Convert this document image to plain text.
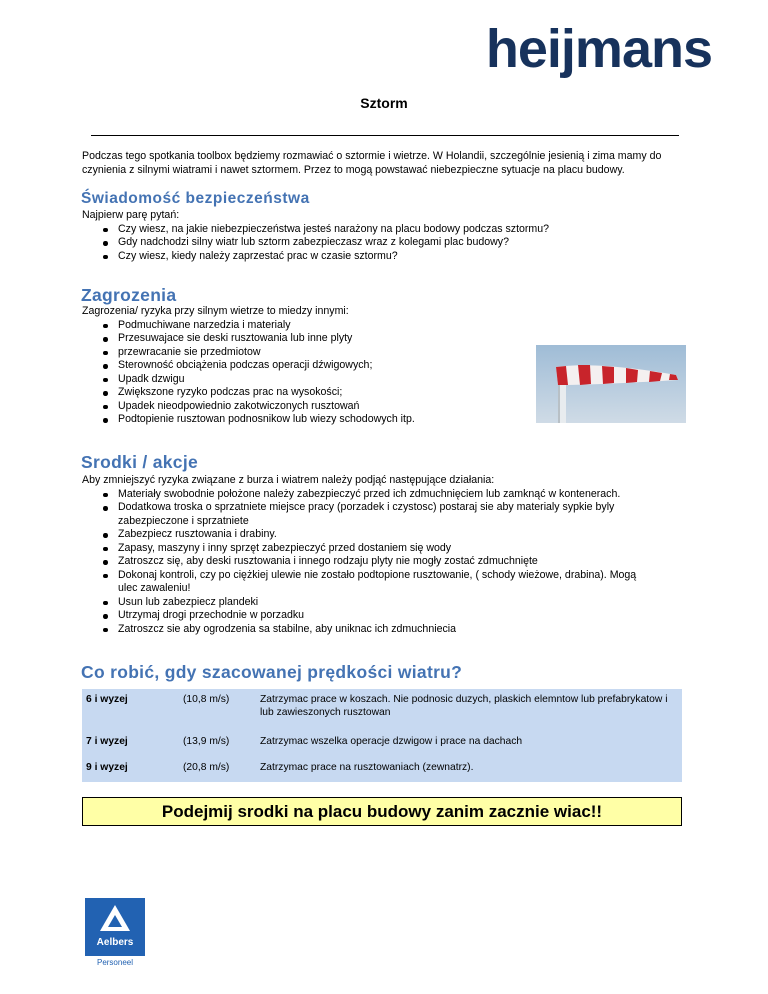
heijmans
Sztorm
Podczas tego spotkania toolbox będziemy rozmawiać o sztormie i wietrze. W Holandii, szczególnie jesienią i zima mamy do czynienia z silnymi wiatrami i nawet sztormem. Przez to mogą powstawać niebezpieczne sytuacje na placu budowy.
Świadomość bezpieczeństwa
Najpierw parę pytań:
Czy wiesz, na jakie niebezpieczeństwa jesteś narażony na placu bodowy podczas sztormu?
Gdy nadchodzi silny wiatr lub sztorm zabezpieczasz wraz z kolegami plac budowy?
Czy wiesz, kiedy należy zaprzestać prac w czasie sztormu?
Zagrozenia
Zagrozenia/ ryzyka przy silnym wietrze to miedzy innymi:
Podmuchiwane narzedzia i materialy
Przesuwajace sie deski rusztowania lub inne plyty
przewracanie sie przedmiotow
Sterowność obciążenia podczas operacji dźwigowych;
Upadk dzwigu
Zwiększone ryzyko podczas prac na wysokości;
Upadek nieodpowiednio zakotwiczonych rusztowań
Podtopienie rusztowan podnosnikow lub wiezy schodowych itp.
Srodki / akcje
Aby zmniejszyć ryzyka związane z burza i wiatrem należy podjąć następujące działania:
Materiały swobodnie położone należy zabezpieczyć przed ich zdmuchnięciem lub zamknąć w kontenerach.
Dodatkowa troska o sprzatniete miejsce pracy (porzadek i czystosc) postaraj sie aby materialy sypkie byly zabezpieczone i sprzatniete
Zabezpiecz rusztowania i drabiny.
Zapasy, maszyny i inny sprzęt zabezpieczyć przed dostaniem się wody
Zatroszcz się, aby deski rusztowania i innego rodzaju plyty nie mogły zostać zdmuchnięte
Dokonaj kontroli, czy po ciężkiej ulewie nie zostało podtopione rusztowanie, ( schody wieżowe, drabina). Mogą ulec zawaleniu!
Usun lub zabezpiecz plandeki
Utrzymaj drogi przechodnie w porzadku
Zatroszcz sie aby ogrodzenia sa stabilne, aby uniknac ich zdmuchniecia
Co robić, gdy szacowanej prędkości wiatru?
6 i wyzej	(10,8 m/s)	Zatrzymac prace w koszach. Nie podnosic duzych, plaskich elemntow lub prefabrykatow i lub zawieszonych rusztowan
7 i wyzej	(13,9 m/s)	Zatrzymac wszelka operacje dzwigow i prace na dachach
9 i wyzej	(20,8 m/s)	Zatrzymac prace na rusztowaniach (zewnatrz).
Podejmij srodki na placu budowy zanim zacznie wiac!!
Aelbers
Personeel
